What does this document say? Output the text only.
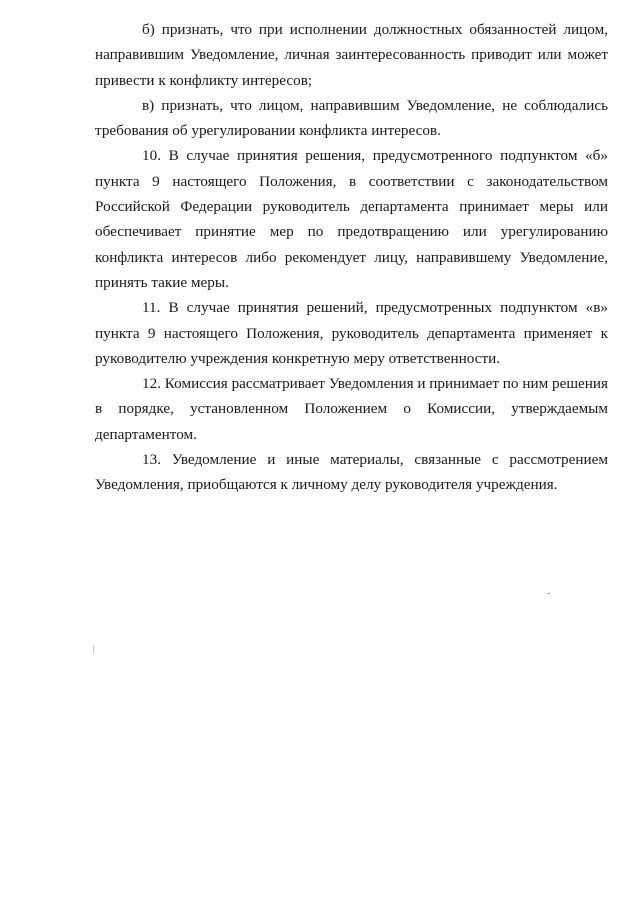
б) признать, что при исполнении должностных обязанностей лицом, направившим Уведомление, личная заинтересованность приводит или может привести к конфликту интересов;

в) признать, что лицом, направившим Уведомление, не соблюдались требования об урегулировании конфликта интересов.

10. В случае принятия решения, предусмотренного подпунктом «б» пункта 9 настоящего Положения, в соответствии с законодательством Российской Федерации руководитель департамента принимает меры или обеспечивает принятие мер по предотвращению или урегулированию конфликта интересов либо рекомендует лицу, направившему Уведомление, принять такие меры.

11. В случае принятия решений, предусмотренных подпунктом «в» пункта 9 настоящего Положения, руководитель департамента применяет к руководителю учреждения конкретную меру ответственности.

12. Комиссия рассматривает Уведомления и принимает по ним решения в порядке, установленном Положением о Комиссии, утверждаемым департаментом.

13. Уведомление и иные материалы, связанные с рассмотрением Уведомления, приобщаются к личному делу руководителя учреждения.
